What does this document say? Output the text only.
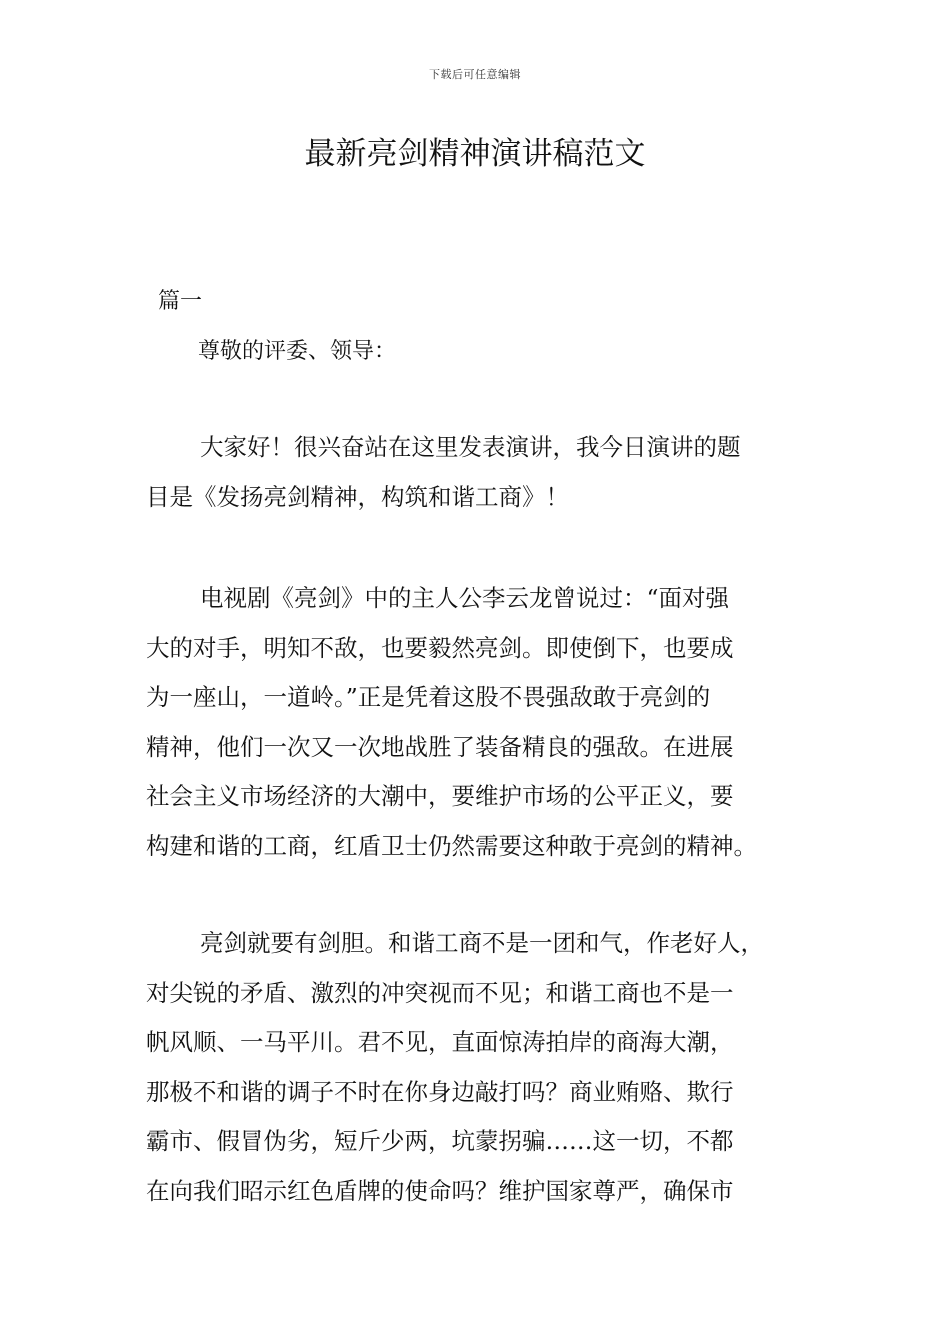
下载后可任意编辑
最新亮剑精神演讲稿范文
篇一
尊敬的评委、领导：

大家好！很兴奋站在这里发表演讲，我今日演讲的题
目是《发扬亮剑精神，构筑和谐工商》！

电视剧《亮剑》中的主人公李云龙曾说过：“面对强
大的对手，明知不敌，也要毅然亮剑。即使倒下，也要成
为一座山，一道岭。”正是凭着这股不畏强敌敢于亮剑的
精神，他们一次又一次地战胜了装备精良的强敌。在进展
社会主义市场经济的大潮中，要维护市场的公平正义，要
构建和谐的工商，红盾卫士仍然需要这种敢于亮剑的精神。

亮剑就要有剑胆。和谐工商不是一团和气，作老好人，
对尖锐的矛盾、激烈的冲突视而不见；和谐工商也不是一
帆风顺、一马平川。君不见，直面惊涛拍岸的商海大潮，
那极不和谐的调子不时在你身边敲打吗？商业贿赂、欺行
霸市、假冒伪劣，短斤少两，坑蒙拐骗……这一切，不都
在向我们昭示红色盾牌的使命吗？维护国家尊严，确保市
